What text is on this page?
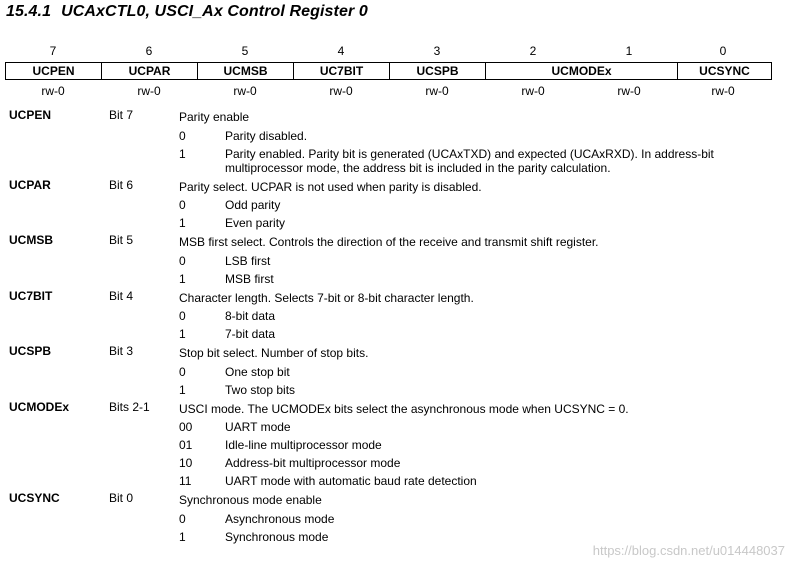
15.4.1 UCAxCTL0, USCI_Ax Control Register 0
7	6	5	4	3	2	1	0
UCPEN	UCPAR	UCMSB	UC7BIT	UCSPB	UCMODEx	UCSYNC
rw-0	rw-0	rw-0	rw-0	rw-0	rw-0	rw-0	rw-0
UCPEN	Bit 7	Parity enable
0	Parity disabled.
1	Parity enabled. Parity bit is generated (UCAxTXD) and expected (UCAxRXD). In address-bit multiprocessor mode, the address bit is included in the parity calculation.
UCPAR	Bit 6	Parity select. UCPAR is not used when parity is disabled.
0	Odd parity
1	Even parity
UCMSB	Bit 5	MSB first select. Controls the direction of the receive and transmit shift register.
0	LSB first
1	MSB first
UC7BIT	Bit 4	Character length. Selects 7-bit or 8-bit character length.
0	8-bit data
1	7-bit data
UCSPB	Bit 3	Stop bit select. Number of stop bits.
0	One stop bit
1	Two stop bits
UCMODEx	Bits 2-1	USCI mode. The UCMODEx bits select the asynchronous mode when UCSYNC = 0.
00	UART mode
01	Idle-line multiprocessor mode
10	Address-bit multiprocessor mode
11	UART mode with automatic baud rate detection
UCSYNC	Bit 0	Synchronous mode enable
0	Asynchronous mode
1	Synchronous mode
https://blog.csdn.net/u014448037
